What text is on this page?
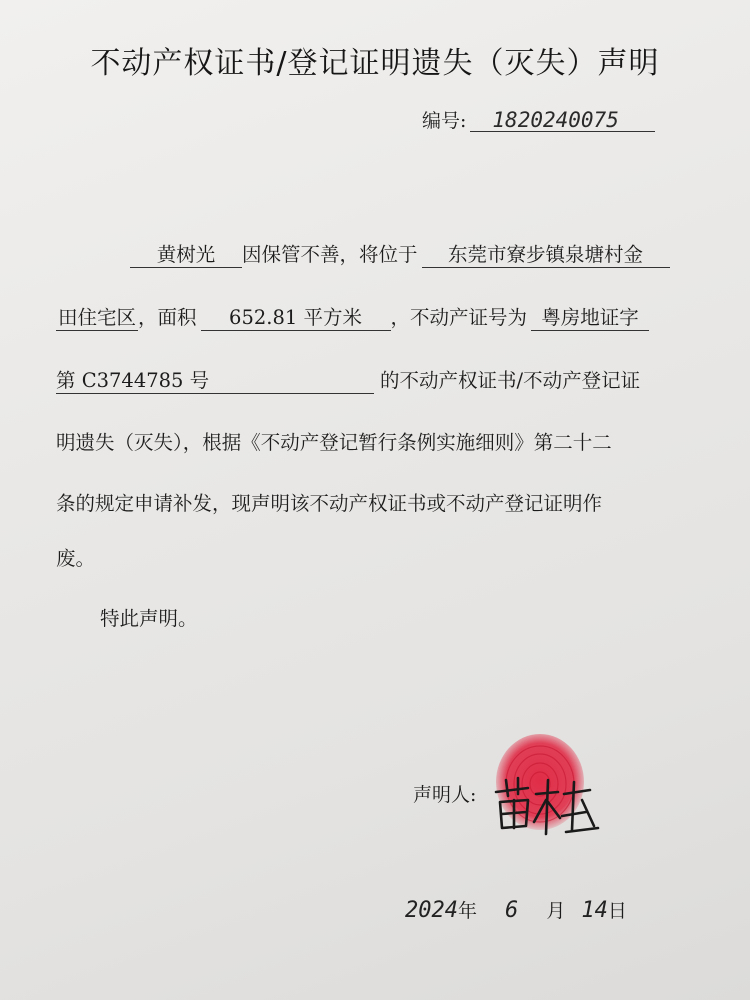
不动产权证书/登记证明遗失（灭失）声明
编号: 1820240075
黄树光 因保管不善，将位于 东莞市寮步镇泉塘村金
田住宅区 ，面积 652.81 平方米 ，不动产证号为 粤房地证字
第 C3744785 号	的不动产权证书/不动产登记证
明遗失（灭失），根据《不动产登记暂行条例实施细则》第二十二
条的规定申请补发，现声明该不动产权证书或不动产登记证明作
废。
特此声明。
声明人:
2024年 6 月 14日
